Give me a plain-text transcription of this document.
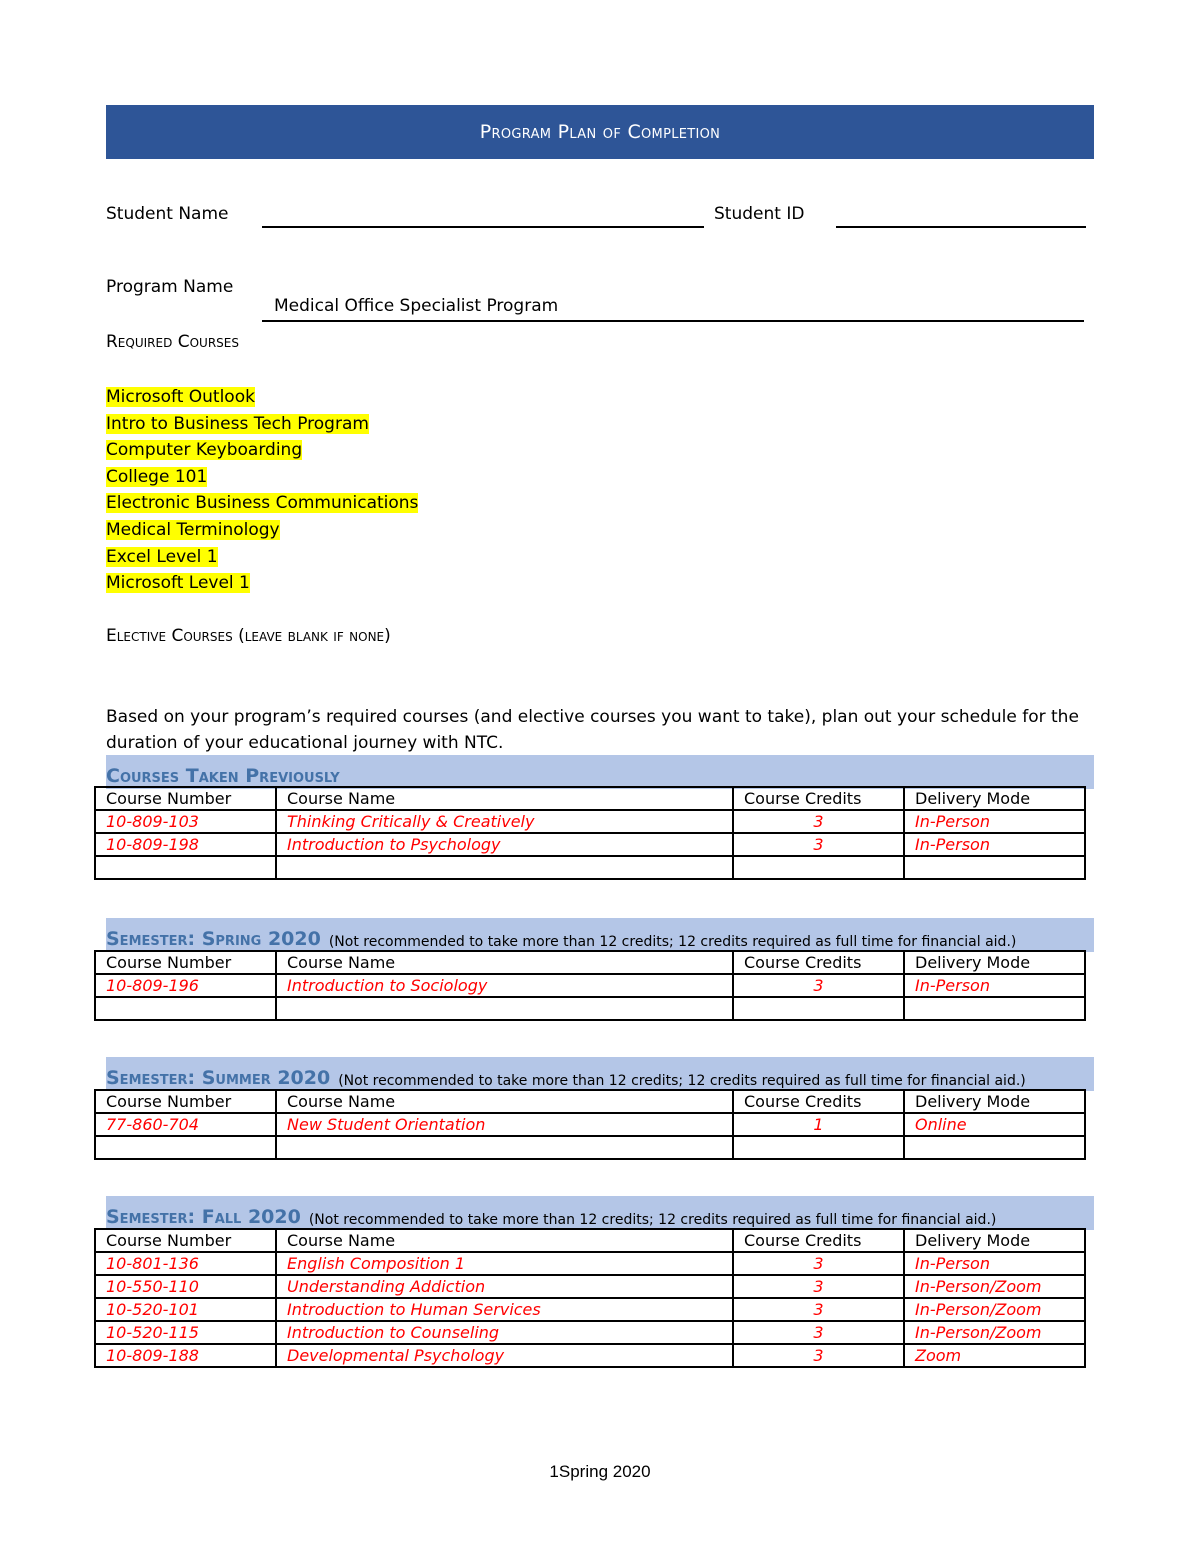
Program Plan of Completion
Student Name	Student ID
Program Name
Medical Office Specialist Program
Required Courses
Microsoft Outlook
Intro to Business Tech Program
Computer Keyboarding
College 101
Electronic Business Communications
Medical Terminology
Excel Level 1
Microsoft Level 1
Elective Courses (leave blank if none)
Based on your program’s required courses (and elective courses you want to take), plan out your schedule for the duration of your educational journey with NTC.
Courses Taken Previously
Course Number	Course Name	Course Credits	Delivery Mode
10-809-103	Thinking Critically & Creatively	3	In-Person
10-809-198	Introduction to Psychology	3	In-Person

Semester: Spring 2020 (Not recommended to take more than 12 credits; 12 credits required as full time for financial aid.)
Course Number	Course Name	Course Credits	Delivery Mode
10-809-196	Introduction to Sociology	3	In-Person

Semester: Summer 2020 (Not recommended to take more than 12 credits; 12 credits required as full time for financial aid.)
Course Number	Course Name	Course Credits	Delivery Mode
77-860-704	New Student Orientation	1	Online

Semester: Fall 2020 (Not recommended to take more than 12 credits; 12 credits required as full time for financial aid.)
Course Number	Course Name	Course Credits	Delivery Mode
10-801-136	English Composition 1	3	In-Person
10-550-110	Understanding Addiction	3	In-Person/Zoom
10-520-101	Introduction to Human Services	3	In-Person/Zoom
10-520-115	Introduction to Counseling	3	In-Person/Zoom
10-809-188	Developmental Psychology	3	Zoom
1Spring 2020
